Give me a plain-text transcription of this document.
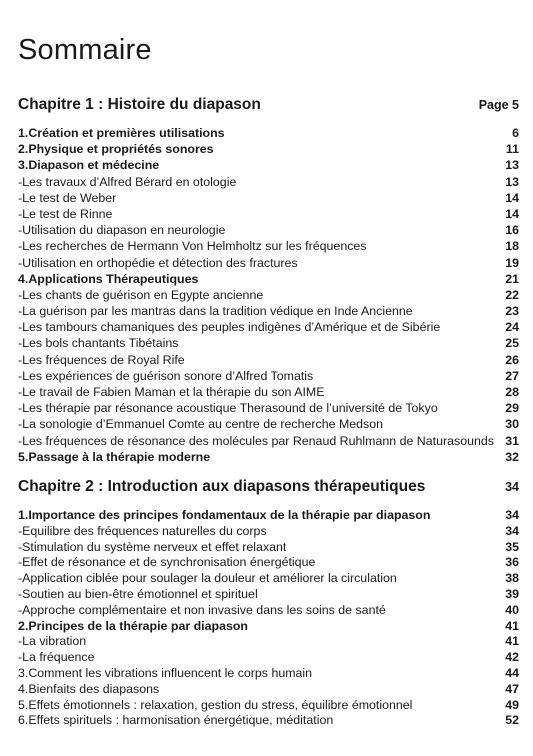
Sommaire
Chapitre 1 : Histoire du diapason	Page 5
1.Création et premières utilisations	6
2.Physique et propriétés sonores	11
3.Diapason et médecine	13
-Les travaux d’Alfred Bérard en otologie	13
-Le test de Weber	14
-Le test de Rinne	14
-Utilisation du diapason en neurologie	16
-Les recherches de Hermann Von Helmholtz sur les fréquences	18
-Utilisation en orthopédie et détection des fractures	19
4.Applications Thérapeutiques	21
-Les chants de guérison en Egypte ancienne	22
-La guérison par les mantras dans la tradition védique en Inde Ancienne	23
-Les tambours chamaniques des peuples indigènes d’Amérique et de Sibérie	24
-Les bols chantants Tibétains	25
-Les fréquences de Royal Rife	26
-Les expériences de guérison sonore d’Alfred Tomatis	27
-Le travail de Fabien Maman et la thérapie du son AIME	28
-Les thérapie par résonance acoustique Therasound de l’université de Tokyo	29
-La sonologie d’Emmanuel Comte au centre de recherche Medson	30
-Les fréquences de résonance des molécules par Renaud Ruhlmann de Naturasounds 31
5.Passage à la thérapie moderne	32
Chapitre 2 : Introduction aux diapasons thérapeutiques	34
1.Importance des principes fondamentaux de la thérapie par diapason	34
-Equilibre des fréquences naturelles du corps	34
-Stimulation du système nerveux et effet relaxant	35
-Effet de résonance et de synchronisation énergétique	36
-Application ciblée pour soulager la douleur et améliorer la circulation	38
-Soutien au bien-être émotionnel et spirituel	39
-Approche complémentaire et non invasive dans les soins de santé	40
2.Principes de la thérapie par diapason	41
-La vibration	41
-La fréquence	42
3.Comment les vibrations influencent le corps humain	44
4.Bienfaits des diapasons	47
5.Effets émotionnels : relaxation, gestion du stress, équilibre émotionnel	49
6.Effets spirituels : harmonisation énergétique, méditation	52
